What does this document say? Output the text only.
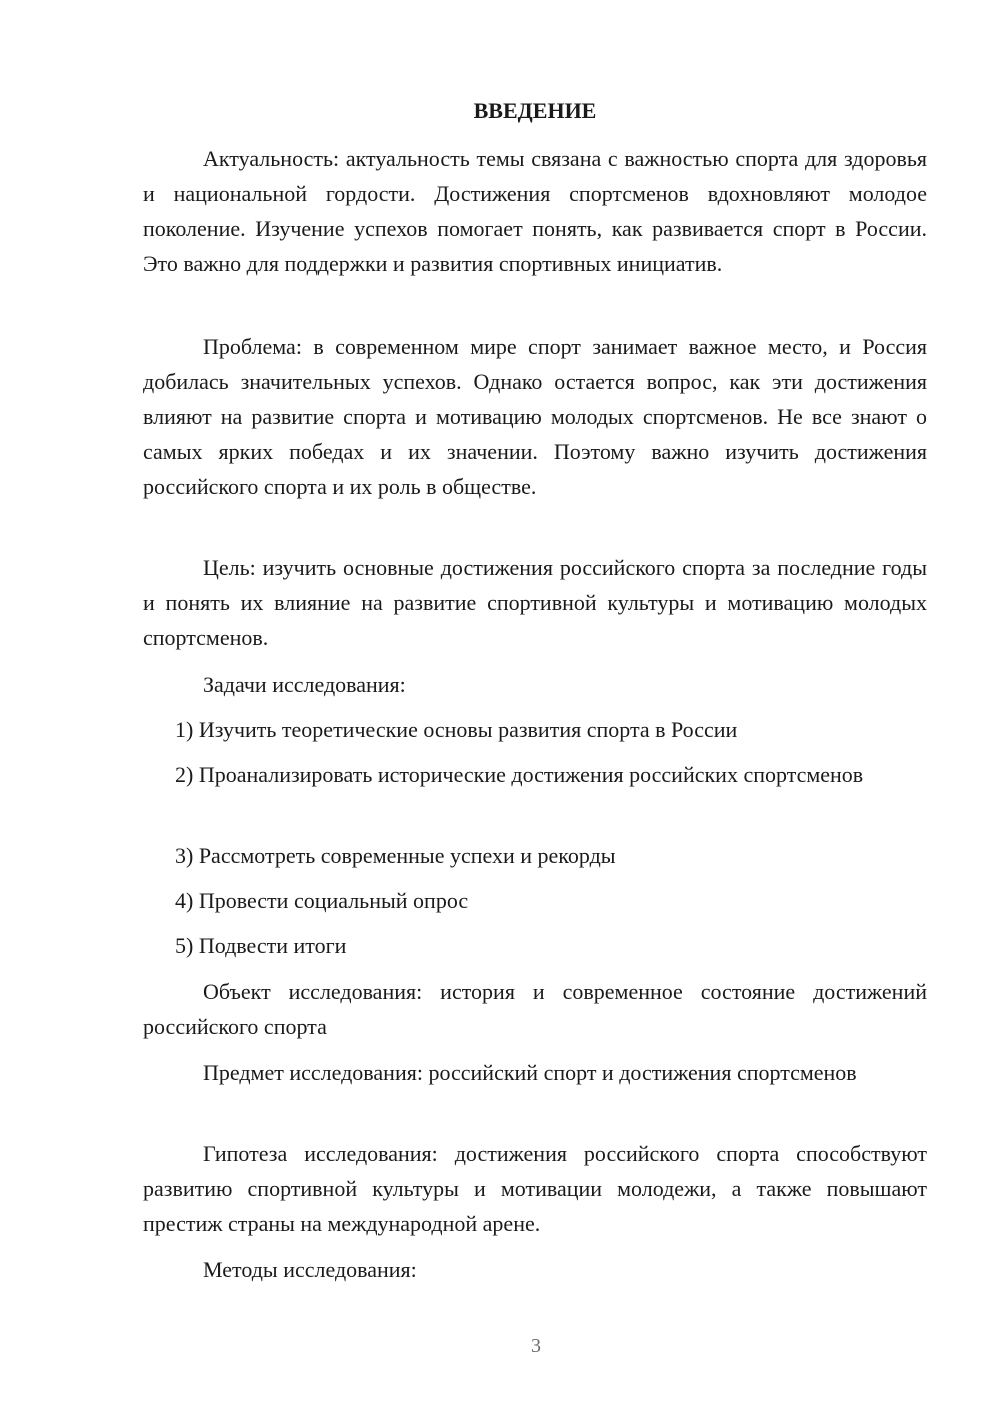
ВВЕДЕНИЕ

Актуальность: актуальность темы связана с важностью спорта для здоровья и национальной гордости. Достижения спортсменов вдохновляют молодое поколение. Изучение успехов помогает понять, как развивается спорт в России. Это важно для поддержки и развития спортивных инициатив.

Проблема: в современном мире спорт занимает важное место, и Россия добилась значительных успехов. Однако остается вопрос, как эти достижения влияют на развитие спорта и мотивацию молодых спортсменов. Не все знают о самых ярких победах и их значении. Поэтому важно изучить достижения российского спорта и их роль в обществе.

Цель: изучить основные достижения российского спорта за последние годы и понять их влияние на развитие спортивной культуры и мотивацию молодых спортсменов.

Задачи исследования:

1) Изучить теоретические основы развития спорта в России

2) Проанализировать исторические достижения российских спортсменов

3) Рассмотреть современные успехи и рекорды

4) Провести социальный опрос

5) Подвести итоги

Объект исследования: история и современное состояние достижений российского спорта

Предмет исследования: российский спорт и достижения спортсменов

Гипотеза исследования: достижения российского спорта способствуют развитию спортивной культуры и мотивации молодежи, а также повышают престиж страны на международной арене.

Методы исследования:

3
